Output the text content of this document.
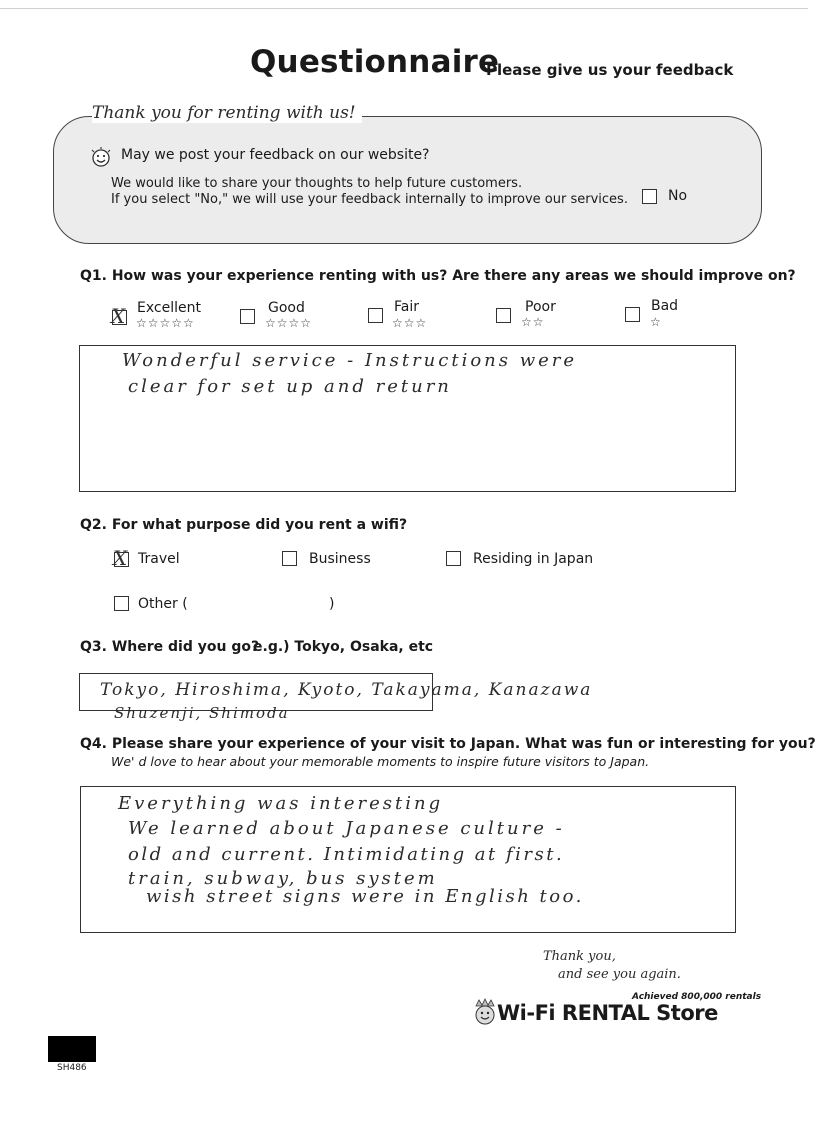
Questionnaire
Please give us your feedback
Thank you for renting with us!
May we post your feedback on our website?
We would like to share your thoughts to help future customers.
If you select "No," we will use your feedback internally to improve our services.	No
Q1. How was your experience renting with us? Are there any areas we should improve on?
X Excellent
☆☆☆☆☆
Good
☆☆☆☆
Fair
☆☆☆
Poor
☆☆
Bad
☆
Wonderful service - Instructions were
clear for set up and return
Q2. For what purpose did you rent a wifi?
X Travel	Business	Residing in Japan
Other (	)
Q3. Where did you go?
e.g.) Tokyo, Osaka, etc
Tokyo, Hiroshima, Kyoto, Takayama, Kanazawa
Shuzenji, Shimoda
Q4. Please share your experience of your visit to Japan. What was fun or interesting for you?
We' d love to hear about your memorable moments to inspire future visitors to Japan.
Everything was interesting
We learned about Japanese culture -
old and current. Intimidating at first.
train, subway, bus system
wish street signs were in English too.
Thank you,
and see you again.
Achieved 800,000 rentals
Wi-Fi RENTAL Store
SH486
